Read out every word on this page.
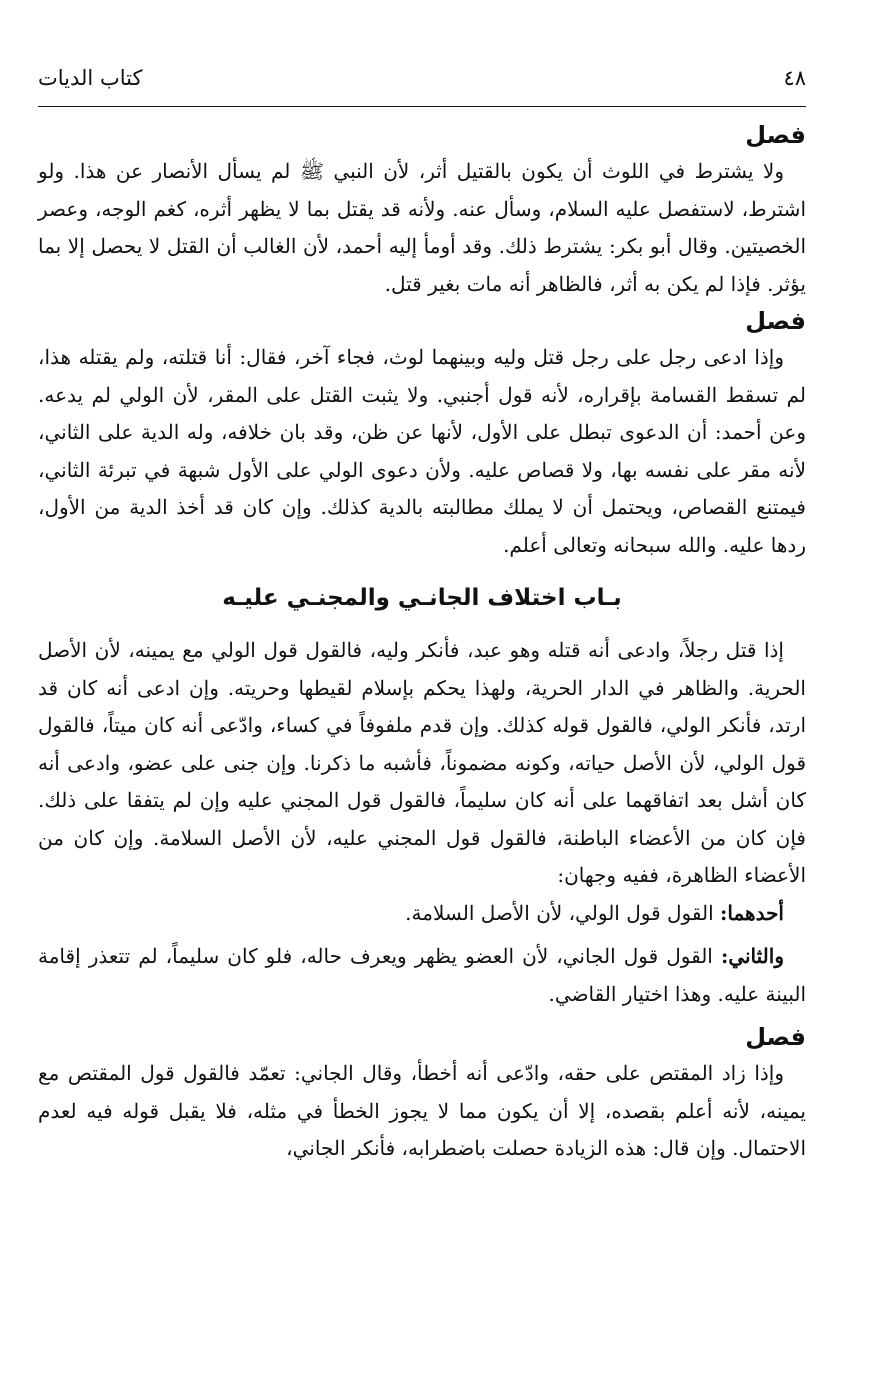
٤٨
كتاب الديات
فصل

ولا يشترط في اللوث أن يكون بالقتيل أثر، لأن النبي ﷺ لم يسأل الأنصار عن هذا. ولو اشترط، لاستفصل عليه السلام، وسأل عنه. ولأنه قد يقتل بما لا يظهر أثره، كغم الوجه، وعصر الخصيتين. وقال أبو بكر: يشترط ذلك. وقد أومأ إليه أحمد، لأن الغالب أن القتل لا يحصل إلا بما يؤثر. فإذا لم يكن به أثر، فالظاهر أنه مات بغير قتل.

فصل

وإذا ادعى رجل على رجل قتل وليه وبينهما لوث، فجاء آخر، فقال: أنا قتلته، ولم يقتله هذا، لم تسقط القسامة بإقراره، لأنه قول أجنبي. ولا يثبت القتل على المقر، لأن الولي لم يدعه. وعن أحمد: أن الدعوى تبطل على الأول، لأنها عن ظن، وقد بان خلافه، وله الدية على الثاني، لأنه مقر على نفسه بها، ولا قصاص عليه. ولأن دعوى الولي على الأول شبهة في تبرئة الثاني، فيمتنع القصاص، ويحتمل أن لا يملك مطالبته بالدية كذلك. وإن كان قد أخذ الدية من الأول، ردها عليه. والله سبحانه وتعالى أعلم.

بـاب اختلاف الجانـي والمجنـي عليـه

إذا قتل رجلاً، وادعى أنه قتله وهو عبد، فأنكر وليه، فالقول قول الولي مع يمينه، لأن الأصل الحرية. والظاهر في الدار الحرية، ولهذا يحكم بإسلام لقيطها وحريته. وإن ادعى أنه كان قد ارتد، فأنكر الولي، فالقول قوله كذلك. وإن قدم ملفوفاً في كساء، وادّعى أنه كان ميتاً، فالقول قول الولي، لأن الأصل حياته، وكونه مضموناً، فأشبه ما ذكرنا. وإن جنى على عضو، وادعى أنه كان أشل بعد اتفاقهما على أنه كان سليماً، فالقول قول المجني عليه وإن لم يتفقا على ذلك. فإن كان من الأعضاء الباطنة، فالقول قول المجني عليه، لأن الأصل السلامة. وإن كان من الأعضاء الظاهرة، ففيه وجهان:

أحدهما: القول قول الولي، لأن الأصل السلامة.

والثاني: القول قول الجاني، لأن العضو يظهر ويعرف حاله، فلو كان سليماً، لم تتعذر إقامة البينة عليه. وهذا اختيار القاضي.

فصل

وإذا زاد المقتص على حقه، وادّعى أنه أخطأ، وقال الجاني: تعمّد فالقول قول المقتص مع يمينه، لأنه أعلم بقصده، إلا أن يكون مما لا يجوز الخطأ في مثله، فلا يقبل قوله فيه لعدم الاحتمال. وإن قال: هذه الزيادة حصلت باضطرابه، فأنكر الجاني،
